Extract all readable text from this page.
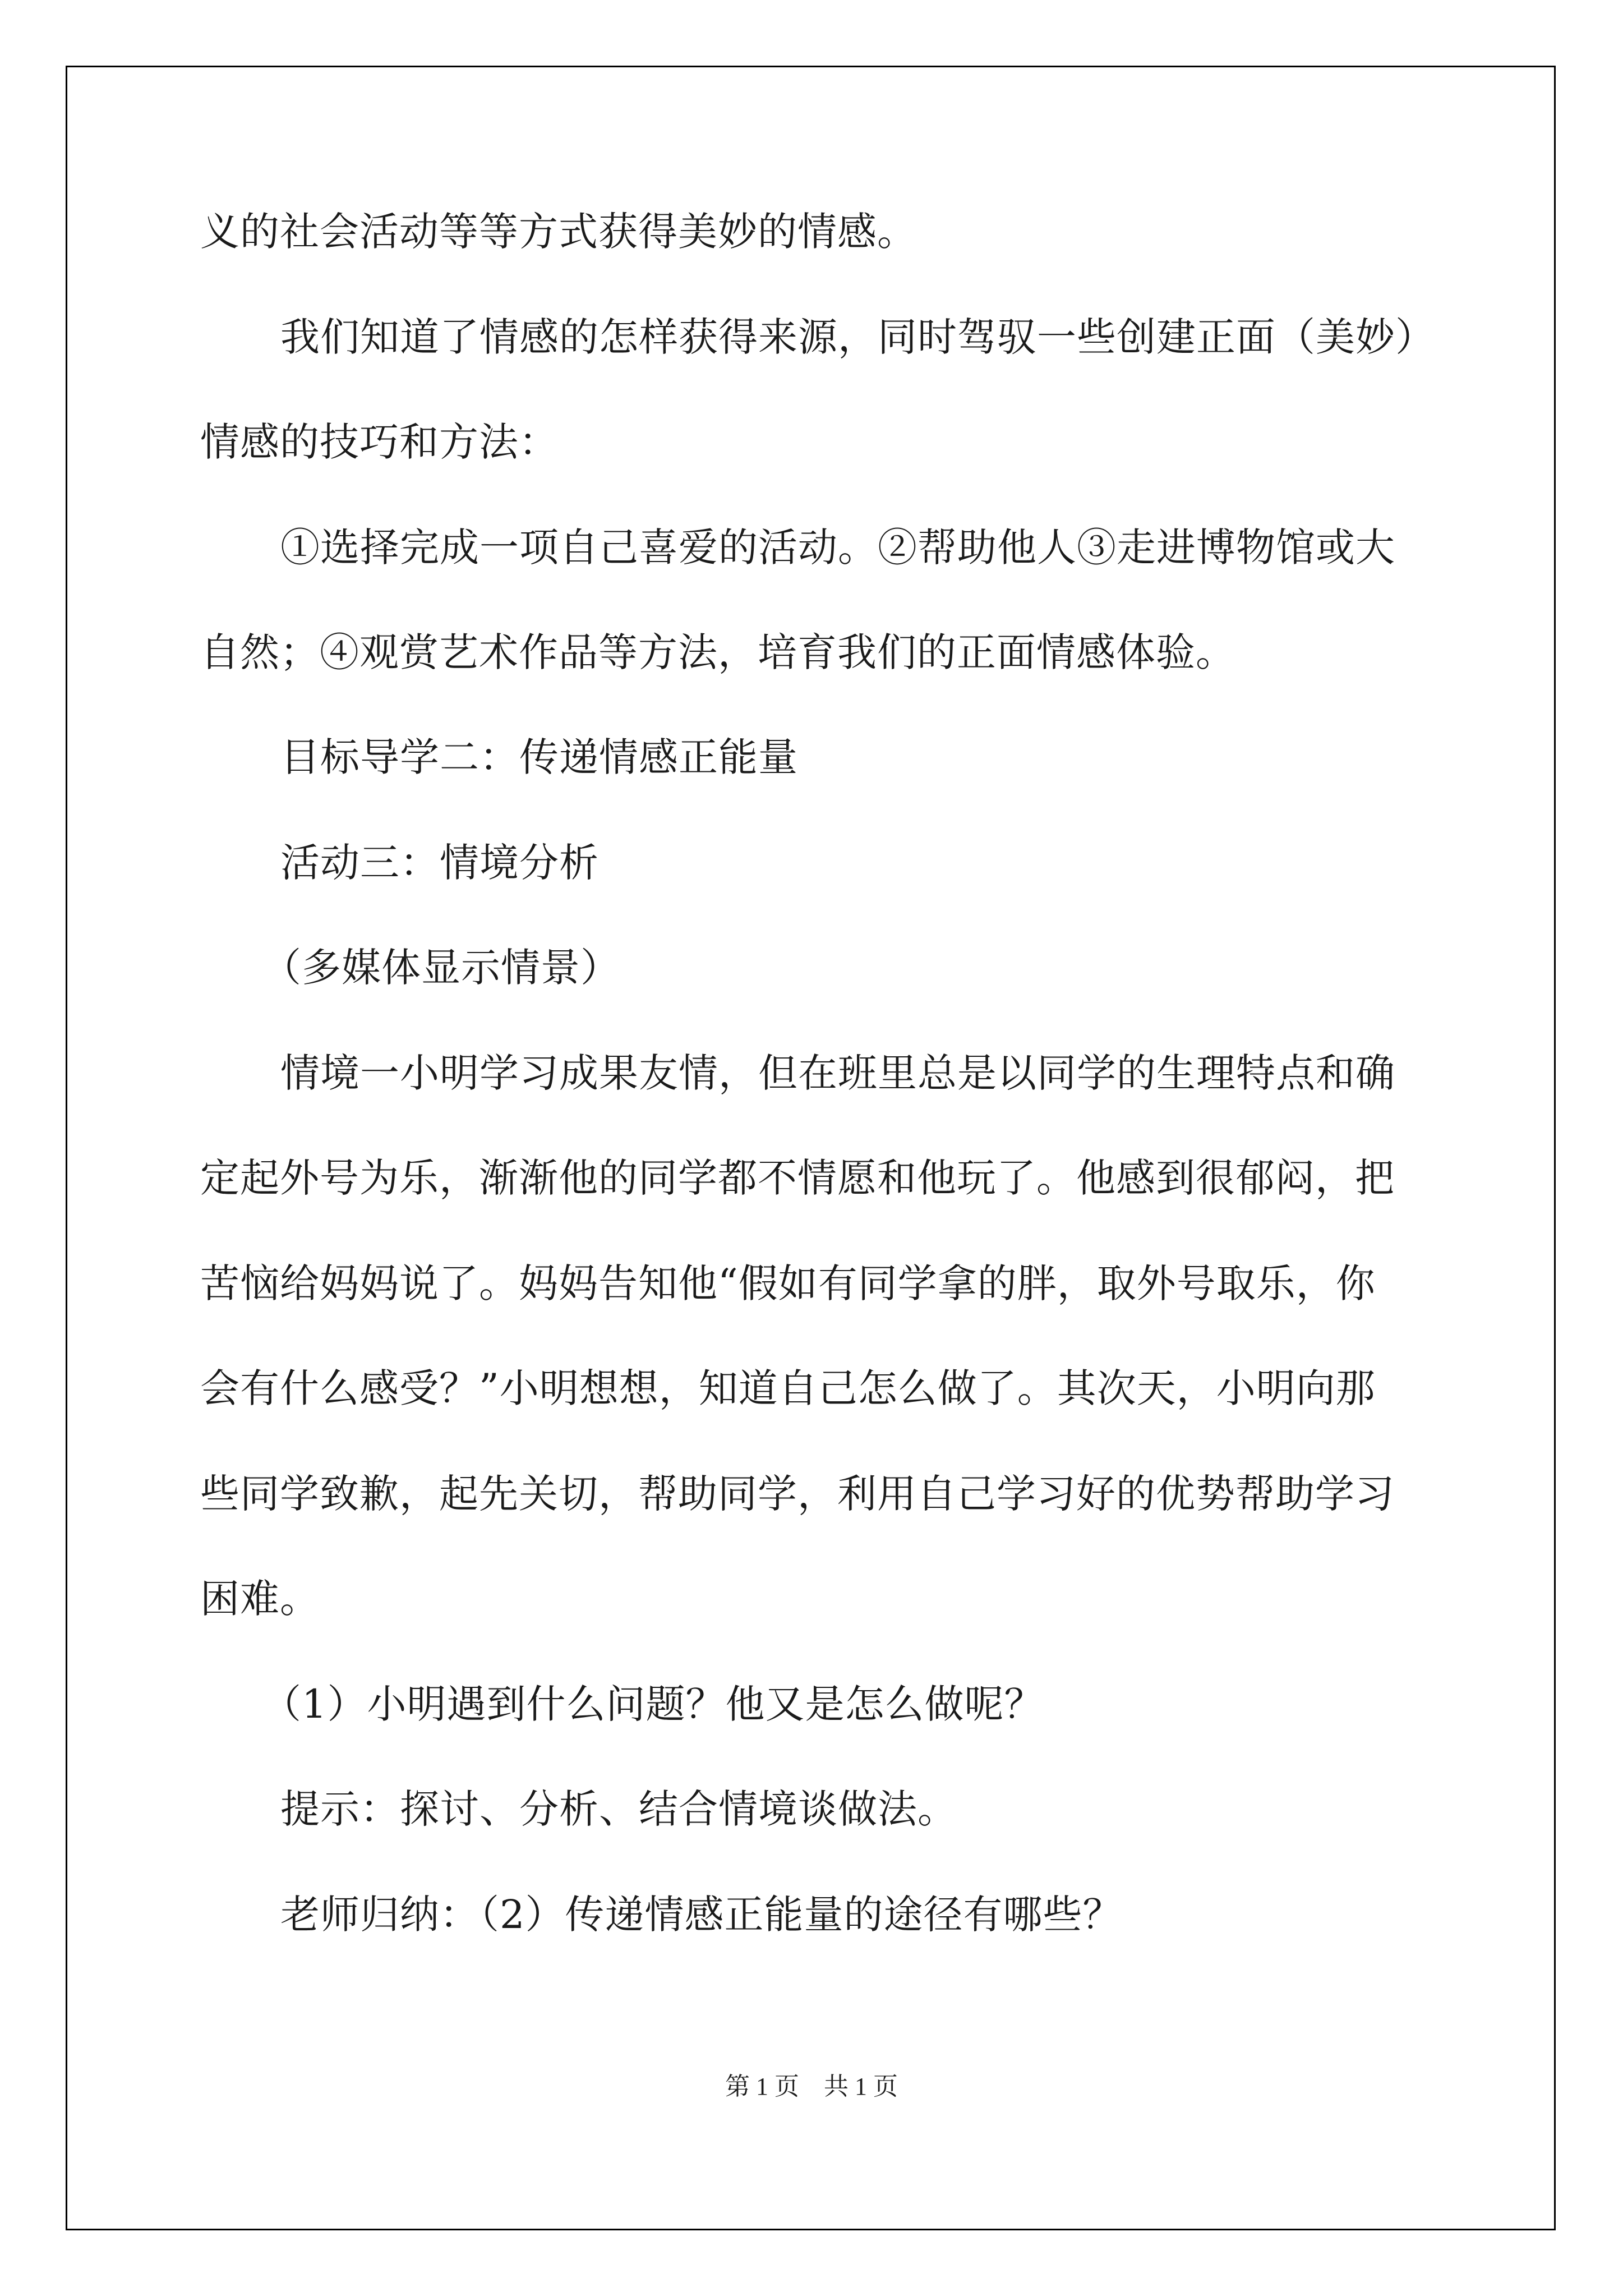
义的社会活动等等方式获得美妙的情感。
我们知道了情感的怎样获得来源，同时驾驭一些创建正面（美妙）
情感的技巧和方法：
①选择完成一项自己喜爱的活动。②帮助他人③走进博物馆或大
自然；④观赏艺术作品等方法，培育我们的正面情感体验。
目标导学二：传递情感正能量
活动三：情境分析
（多媒体显示情景）
情境一小明学习成果友情，但在班里总是以同学的生理特点和确
定起外号为乐，渐渐他的同学都不情愿和他玩了。他感到很郁闷，把
苦恼给妈妈说了。妈妈告知他“假如有同学拿的胖，取外号取乐，你
会有什么感受？”小明想想，知道自己怎么做了。其次天，小明向那
些同学致歉，起先关切，帮助同学，利用自己学习好的优势帮助学习
困难。
（1）小明遇到什么问题？他又是怎么做呢？
提示：探讨、分析、结合情境谈做法。
老师归纳：（2）传递情感正能量的途径有哪些？
第 1 页　共 1 页
